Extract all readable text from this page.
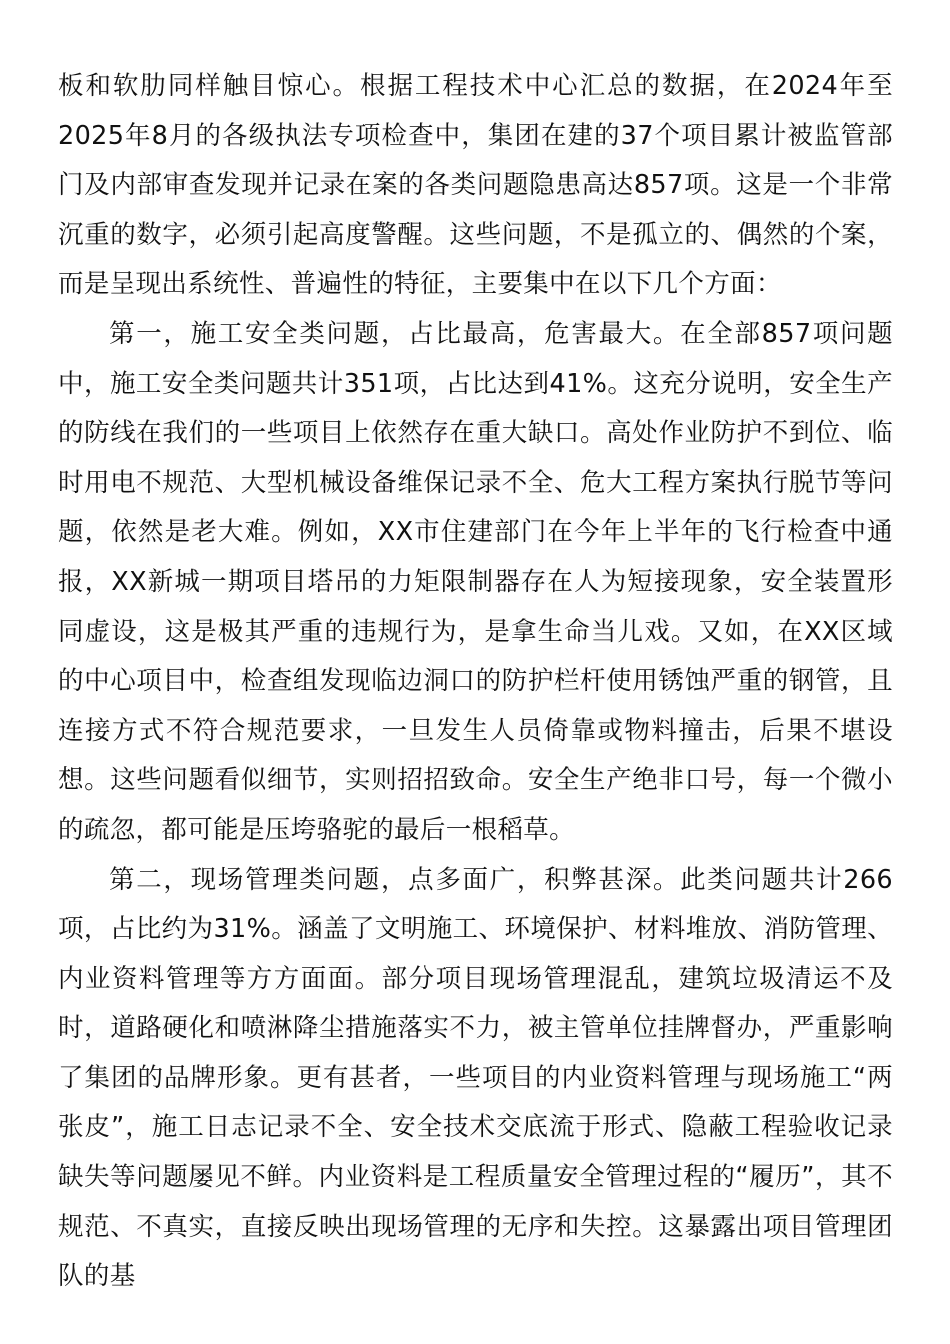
板和软肋同样触目惊心。根据工程技术中心汇总的数据，在2024年至2025年8月的各级执法专项检查中，集团在建的37个项目累计被监管部门及内部审查发现并记录在案的各类问题隐患高达857项。这是一个非常沉重的数字，必须引起高度警醒。这些问题，不是孤立的、偶然的个案，而是呈现出系统性、普遍性的特征，主要集中在以下几个方面：

第一，施工安全类问题，占比最高，危害最大。在全部857项问题中，施工安全类问题共计351项，占比达到41%。这充分说明，安全生产的防线在我们的一些项目上依然存在重大缺口。高处作业防护不到位、临时用电不规范、大型机械设备维保记录不全、危大工程方案执行脱节等问题，依然是老大难。例如，XX市住建部门在今年上半年的飞行检查中通报，XX新城一期项目塔吊的力矩限制器存在人为短接现象，安全装置形同虚设，这是极其严重的违规行为，是拿生命当儿戏。又如，在XX区域的中心项目中，检查组发现临边洞口的防护栏杆使用锈蚀严重的钢管，且连接方式不符合规范要求，一旦发生人员倚靠或物料撞击，后果不堪设想。这些问题看似细节，实则招招致命。安全生产绝非口号，每一个微小的疏忽，都可能是压垮骆驼的最后一根稻草。

第二，现场管理类问题，点多面广，积弊甚深。此类问题共计266项，占比约为31%。涵盖了文明施工、环境保护、材料堆放、消防管理、内业资料管理等方方面面。部分项目现场管理混乱，建筑垃圾清运不及时，道路硬化和喷淋降尘措施落实不力，被主管单位挂牌督办，严重影响了集团的品牌形象。更有甚者，一些项目的内业资料管理与现场施工“两张皮”，施工日志记录不全、安全技术交底流于形式、隐蔽工程验收记录缺失等问题屡见不鲜。内业资料是工程质量安全管理过程的“履历”，其不规范、不真实，直接反映出现场管理的无序和失控。这暴露出项目管理团队的基
